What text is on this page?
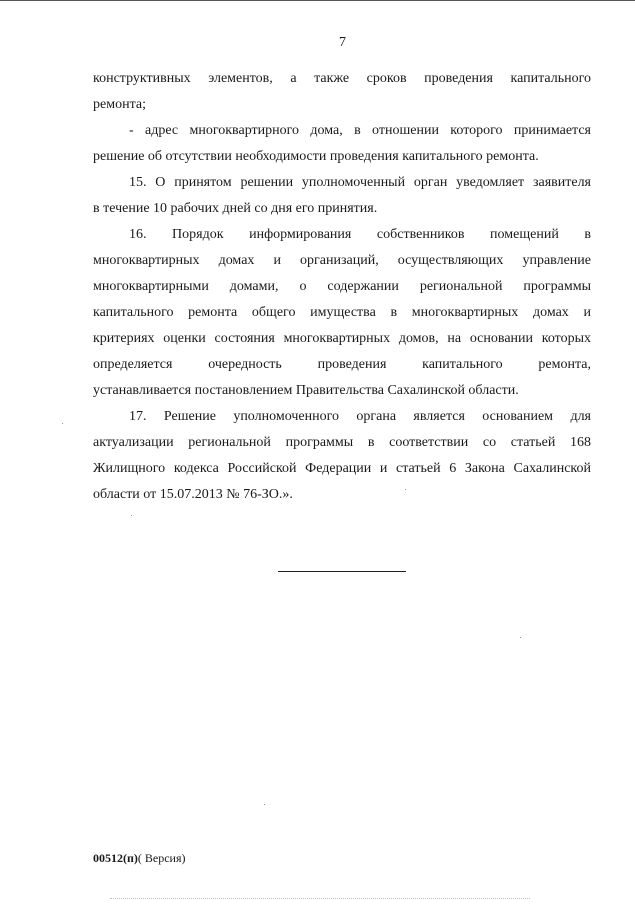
7

конструктивных элементов, а также сроков проведения капитального
ремонта;

- адрес многоквартирного дома, в отношении которого принимается
решение об отсутствии необходимости проведения капитального ремонта.

15. О принятом решении уполномоченный орган уведомляет заявителя
в течение 10 рабочих дней со дня его принятия.

16. Порядок информирования собственников помещений в
многоквартирных домах и организаций, осуществляющих управление
многоквартирными домами, о содержании региональной программы
капитального ремонта общего имущества в многоквартирных домах и
критериях оценки состояния многоквартирных домов, на основании которых
определяется очередность проведения капитального ремонта,
устанавливается постановлением Правительства Сахалинской области.

17. Решение уполномоченного органа является основанием для
актуализации региональной программы в соответствии со статьей 168
Жилищного кодекса Российской Федерации и статьей 6 Закона Сахалинской
области от 15.07.2013 № 76-ЗО.».

00512(п)( Версия)
